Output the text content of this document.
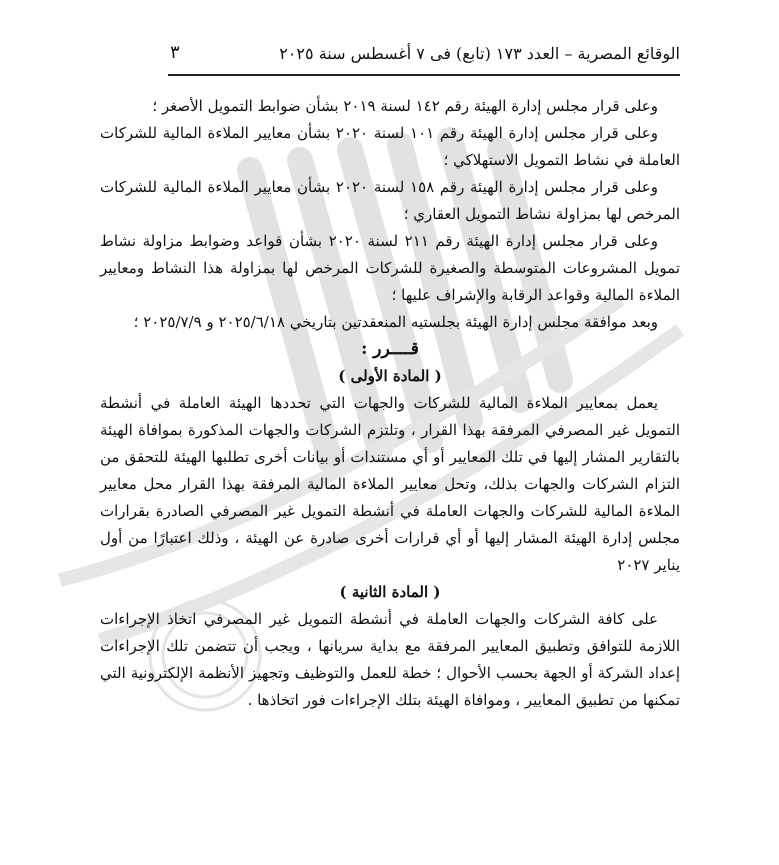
الوقائع المصرية – العدد ١٧٣ (تابع) فى ٧ أغسطس سنة ٢٠٢٥
٣

وعلى قرار مجلس إدارة الهيئة رقم ١٤٢ لسنة ٢٠١٩ بشأن ضوابط التمويل الأصغر ؛

وعلى قرار مجلس إدارة الهيئة رقم ١٠١ لسنة ٢٠٢٠ بشأن معايير الملاءة المالية للشركات العاملة في نشاط التمويل الاستهلاكي ؛

وعلى قرار مجلس إدارة الهيئة رقم ١٥٨ لسنة ٢٠٢٠ بشأن معايير الملاءة المالية للشركات المرخص لها بمزاولة نشاط التمويل العقاري ؛

وعلى قرار مجلس إدارة الهيئة رقم ٢١١ لسنة ٢٠٢٠ بشأن قواعد وضوابط مزاولة نشاط تمويل المشروعات المتوسطة والصغيرة للشركات المرخص لها بمزاولة هذا النشاط ومعايير الملاءة المالية وقواعد الرقابة والإشراف عليها ؛

وبعد موافقة مجلس إدارة الهيئة بجلستيه المنعقدتين بتاريخي ٢٠٢٥/٦/١٨ و ٢٠٢٥/٧/٩ ؛

قــــرر :

( المادة الأولى )

يعمل بمعايير الملاءة المالية للشركات والجهات التي تحددها الهيئة العاملة في أنشطة التمويل غير المصرفي المرفقة بهذا القرار ، وتلتزم الشركات والجهات المذكورة بموافاة الهيئة بالتقارير المشار إليها في تلك المعايير أو أي مستندات أو بيانات أخرى تطلبها الهيئة للتحقق من التزام الشركات والجهات بذلك، وتحل معايير الملاءة المالية المرفقة بهذا القرار محل معايير الملاءة المالية للشركات والجهات العاملة في أنشطة التمويل غير المصرفي الصادرة بقرارات مجلس إدارة الهيئة المشار إليها أو أي قرارات أخرى صادرة عن الهيئة ، وذلك اعتبارًا من أول يناير ٢٠٢٧

( المادة الثانية )

على كافة الشركات والجهات العاملة في أنشطة التمويل غير المصرفي اتخاذ الإجراءات اللازمة للتوافق وتطبيق المعايير المرفقة مع بداية سريانها ، ويجب أن تتضمن تلك الإجراءات إعداد الشركة أو الجهة بحسب الأحوال ؛ خطة للعمل والتوظيف وتجهيز الأنظمة الإلكترونية التي تمكنها من تطبيق المعايير ، وموافاة الهيئة بتلك الإجراءات فور اتخاذها .
